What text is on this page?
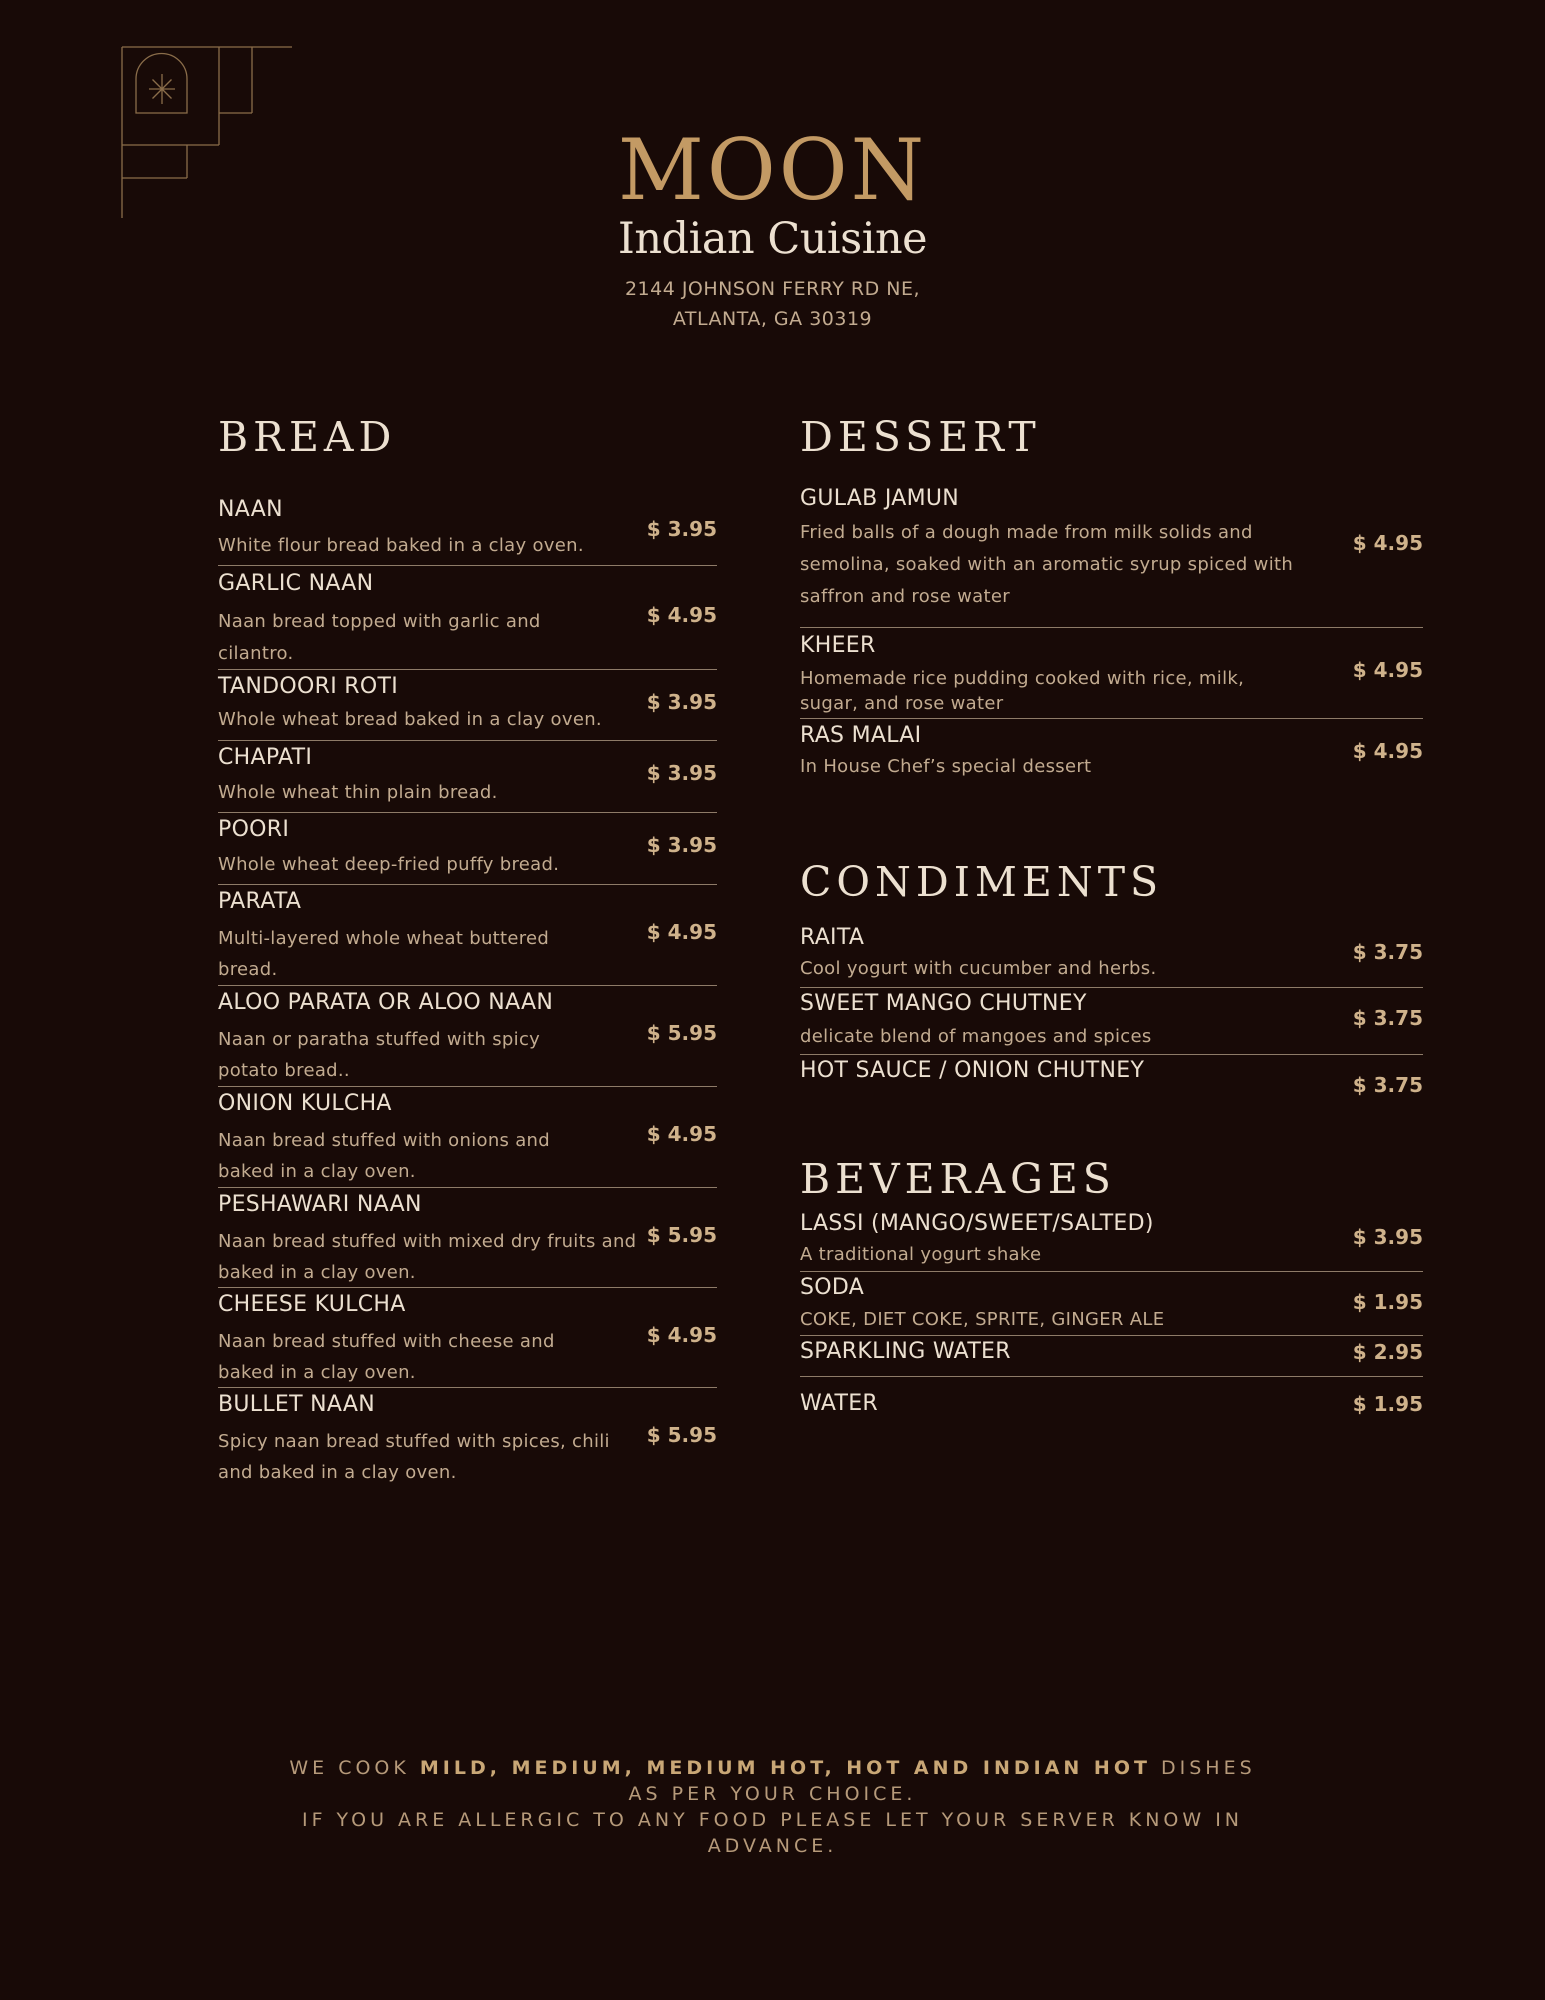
MOON
Indian Cuisine
2144 JOHNSON FERRY RD NE,
ATLANTA, GA 30319
BREAD	DESSERT
CONDIMENTS
BEVERAGES
NAAN
White flour bread baked in a clay oven.
$ 3.95
GARLIC NAAN
Naan bread topped with garlic and cilantro.
$ 4.95
TANDOORI ROTI
Whole wheat bread baked in a clay oven.
$ 3.95
CHAPATI
Whole wheat thin plain bread.
$ 3.95
POORI
Whole wheat deep-fried puffy bread.
$ 3.95
PARATA
Multi-layered whole wheat buttered bread.
$ 4.95
ALOO PARATA OR ALOO NAAN
Naan or paratha stuffed with spicy potato bread..
$ 5.95
ONION KULCHA
Naan bread stuffed with onions and baked in a clay oven.
$ 4.95
PESHAWARI NAAN
Naan bread stuffed with mixed dry fruits and baked in a clay oven.
$ 5.95
CHEESE KULCHA
Naan bread stuffed with cheese and baked in a clay oven.
$ 4.95
BULLET NAAN
Spicy naan bread stuffed with spices, chili and baked in a clay oven.
$ 5.95
GULAB JAMUN
Fried balls of a dough made from milk solids and semolina, soaked with an aromatic syrup spiced with saffron and rose water
$ 4.95
KHEER
Homemade rice pudding cooked with rice, milk, sugar, and rose water
$ 4.95
RAS MALAI
In House Chef’s special dessert
$ 4.95
RAITA
Cool yogurt with cucumber and herbs.
$ 3.75
SWEET MANGO CHUTNEY
delicate blend of mangoes and spices
$ 3.75
HOT SAUCE / ONION CHUTNEY
$ 3.75
LASSI (MANGO/SWEET/SALTED)
A traditional yogurt shake
$ 3.95
SODA
COKE, DIET COKE, SPRITE, GINGER ALE
$ 1.95
SPARKLING WATER	$ 2.95
WATER	$ 1.95
WE COOK MILD, MEDIUM, MEDIUM HOT, HOT AND INDIAN HOT DISHES
AS PER YOUR CHOICE.
IF YOU ARE ALLERGIC TO ANY FOOD PLEASE LET YOUR SERVER KNOW IN
ADVANCE.
